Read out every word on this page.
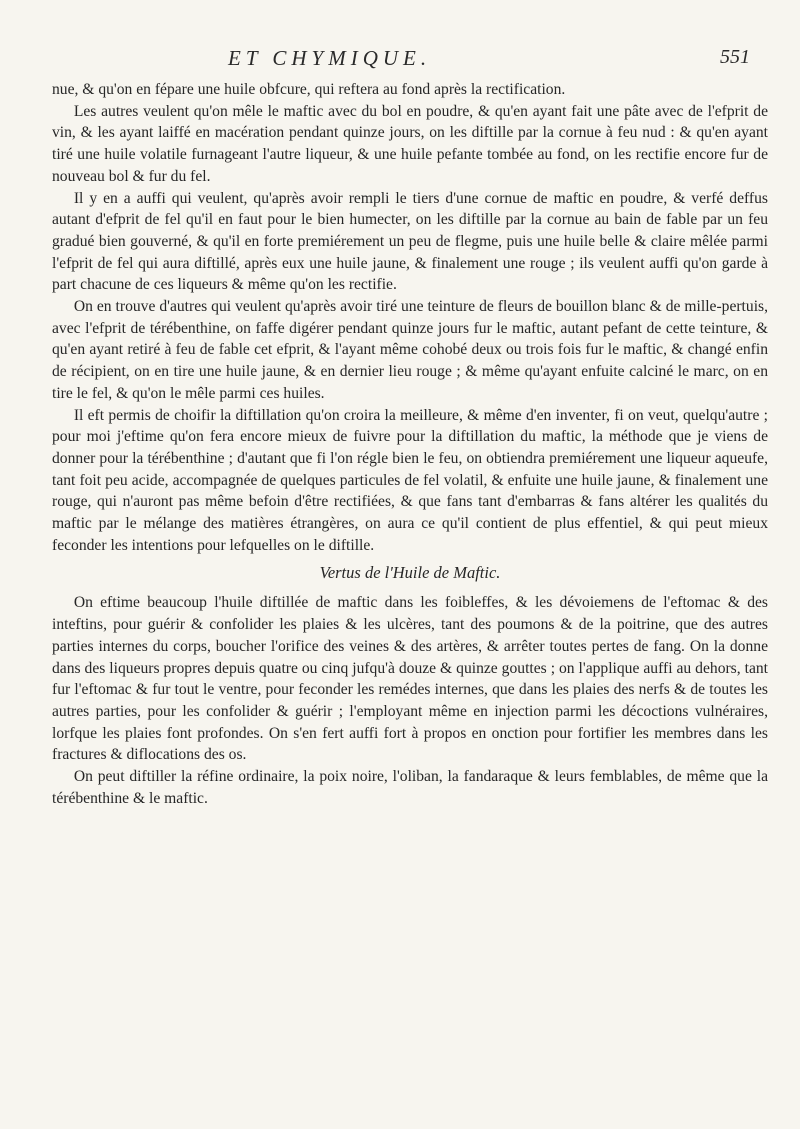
ET CHYMIQUE.	551

nue, & qu'on en fépare une huile obfcure, qui reftera au fond après la rectification.

Les autres veulent qu'on mêle le maftic avec du bol en poudre, & qu'en ayant fait une pâte avec de l'efprit de vin, & les ayant laiffé en macération pendant quinze jours, on les diftille par la cornue à feu nud : & qu'en ayant tiré une huile volatile furnageant l'autre liqueur, & une huile pefante tombée au fond, on les rectifie encore fur de nouveau bol & fur du fel.

Il y en a auffi qui veulent, qu'après avoir rempli le tiers d'une cornue de maftic en poudre, & verfé deffus autant d'efprit de fel qu'il en faut pour le bien humecter, on les diftille par la cornue au bain de fable par un feu gradué bien gouverné, & qu'il en forte premiérement un peu de flegme, puis une huile belle & claire mêlée parmi l'efprit de fel qui aura diftillé, après eux une huile jaune, & finalement une rouge ; ils veulent auffi qu'on garde à part chacune de ces liqueurs & même qu'on les rectifie.

On en trouve d'autres qui veulent qu'après avoir tiré une teinture de fleurs de bouillon blanc & de mille-pertuis, avec l'efprit de térébenthine, on faffe digérer pendant quinze jours fur le maftic, autant pefant de cette teinture, & qu'en ayant retiré à feu de fable cet efprit, & l'ayant même cohobé deux ou trois fois fur le maftic, & changé enfin de récipient, on en tire une huile jaune, & en dernier lieu rouge ; & même qu'ayant enfuite calciné le marc, on en tire le fel, & qu'on le mêle parmi ces huiles.

Il eft permis de choifir la diftillation qu'on croira la meilleure, & même d'en inventer, fi on veut, quelqu'autre ; pour moi j'eftime qu'on fera encore mieux de fuivre pour la diftillation du maftic, la méthode que je viens de donner pour la térébenthine ; d'autant que fi l'on régle bien le feu, on obtiendra premiérement une liqueur aqueufe, tant foit peu acide, accompagnée de quelques particules de fel volatil, & enfuite une huile jaune, & finalement une rouge, qui n'auront pas même befoin d'être rectifiées, & que fans tant d'embarras & fans altérer les qualités du maftic par le mélange des matières étrangères, on aura ce qu'il contient de plus effentiel, & qui peut mieux feconder les intentions pour lefquelles on le diftille.

Vertus de l'Huile de Maftic.

On eftime beaucoup l'huile diftillée de maftic dans les foibleffes, & les dévoiemens de l'eftomac & des inteftins, pour guérir & confolider les plaies & les ulcères, tant des poumons & de la poitrine, que des autres parties internes du corps, boucher l'orifice des veines & des artères, & arrêter toutes pertes de fang. On la donne dans des liqueurs propres depuis quatre ou cinq jufqu'à douze & quinze gouttes ; on l'applique auffi au dehors, tant fur l'eftomac & fur tout le ventre, pour feconder les remédes internes, que dans les plaies des nerfs & de toutes les autres parties, pour les confolider & guérir ; l'employant même en injection parmi les décoctions vulnéraires, lorfque les plaies font profondes. On s'en fert auffi fort à propos en onction pour fortifier les membres dans les fractures & diflocations des os.

On peut diftiller la réfine ordinaire, la poix noire, l'oliban, la fandaraque & leurs femblables, de même que la térébenthine & le maftic.
